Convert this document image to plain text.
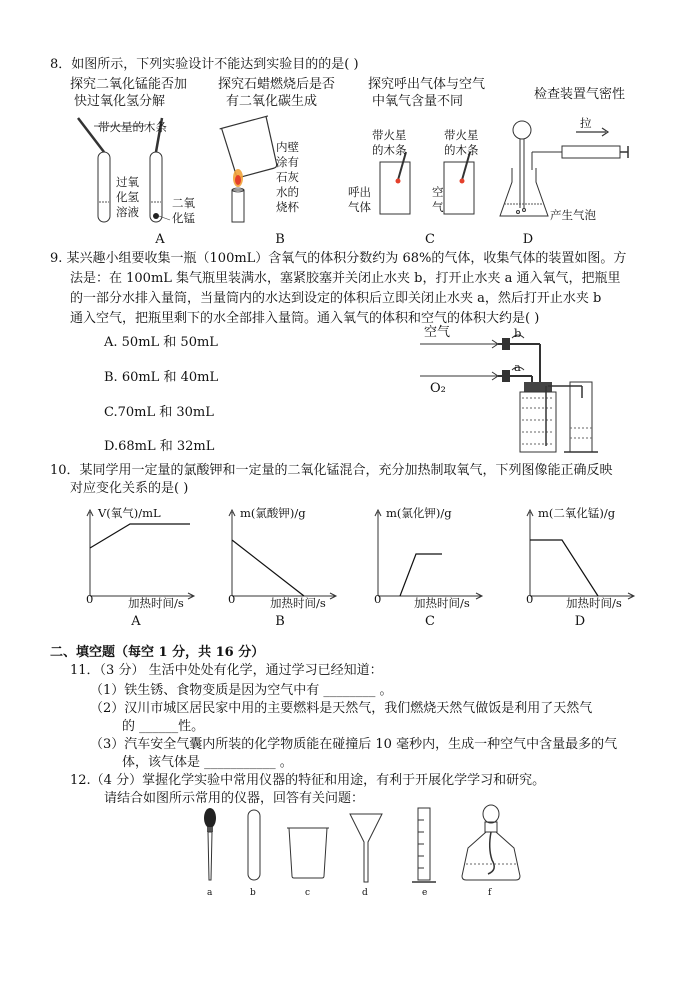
8．如图所示，下列实验设计不能达到实验目的的是( )
探究二氧化锰能否加
快过氧化氢分解
探究石蜡燃烧后是否
有二氧化碳生成
探究呼出气体与空气
中氧气含量不同	检查装置气密性
带火星的木条
过氧
化氢
溶液
二氧
化锰
A
内壁
涂有
石灰
水的
烧杯
B
带火星
的木条
带火星
的木条
呼出
气体
空
气
C
拉
产生气泡
D
9. 某兴趣小组要收集一瓶（100mL）含氧气的体积分数约为 68%的气体，收集气体的装置如图。方
法是：在 100mL 集气瓶里装满水，塞紧胶塞并关闭止水夹 b，打开止水夹 a 通入氧气，把瓶里
的一部分水排入量筒，当量筒内的水达到设定的体积后立即关闭止水夹 a，然后打开止水夹 b
通入空气，把瓶里剩下的水全部排入量筒。通入氧气的体积和空气的体积大约是( )
A. 50mL 和 50mL
B. 60mL 和 40mL
C.70mL 和 30mL
D.68mL 和 32mL
空气
O₂
b
a
10．某同学用一定量的氯酸钾和一定量的二氧化锰混合，充分加热制取氧气，下列图像能正确反映
对应变化关系的是( )
V(氧气)/mL
0	加热时间/s
A
m(氯酸钾)/g
0	加热时间/s
B
m(氯化钾)/g
0	加热时间/s
C
m(二氧化锰)/g
0	加热时间/s
D
二、填空题（每空 1 分，共 16 分）
11．（3 分） 生活中处处有化学，通过学习已经知道：
（1）铁生锈、食物变质是因为空气中有 ________ 。
（2）汉川市城区居民家中用的主要燃料是天然气，我们燃烧天然气做饭是利用了天然气
的 ______性。
（3）汽车安全气囊内所装的化学物质能在碰撞后 10 毫秒内，生成一种空气中含量最多的气
体，该气体是 ___________ 。
12.（4 分）掌握化学实验中常用仪器的特征和用途，有利于开展化学学习和研究。
请结合如图所示常用的仪器，回答有关问题：
a	b	c	d	e	f
